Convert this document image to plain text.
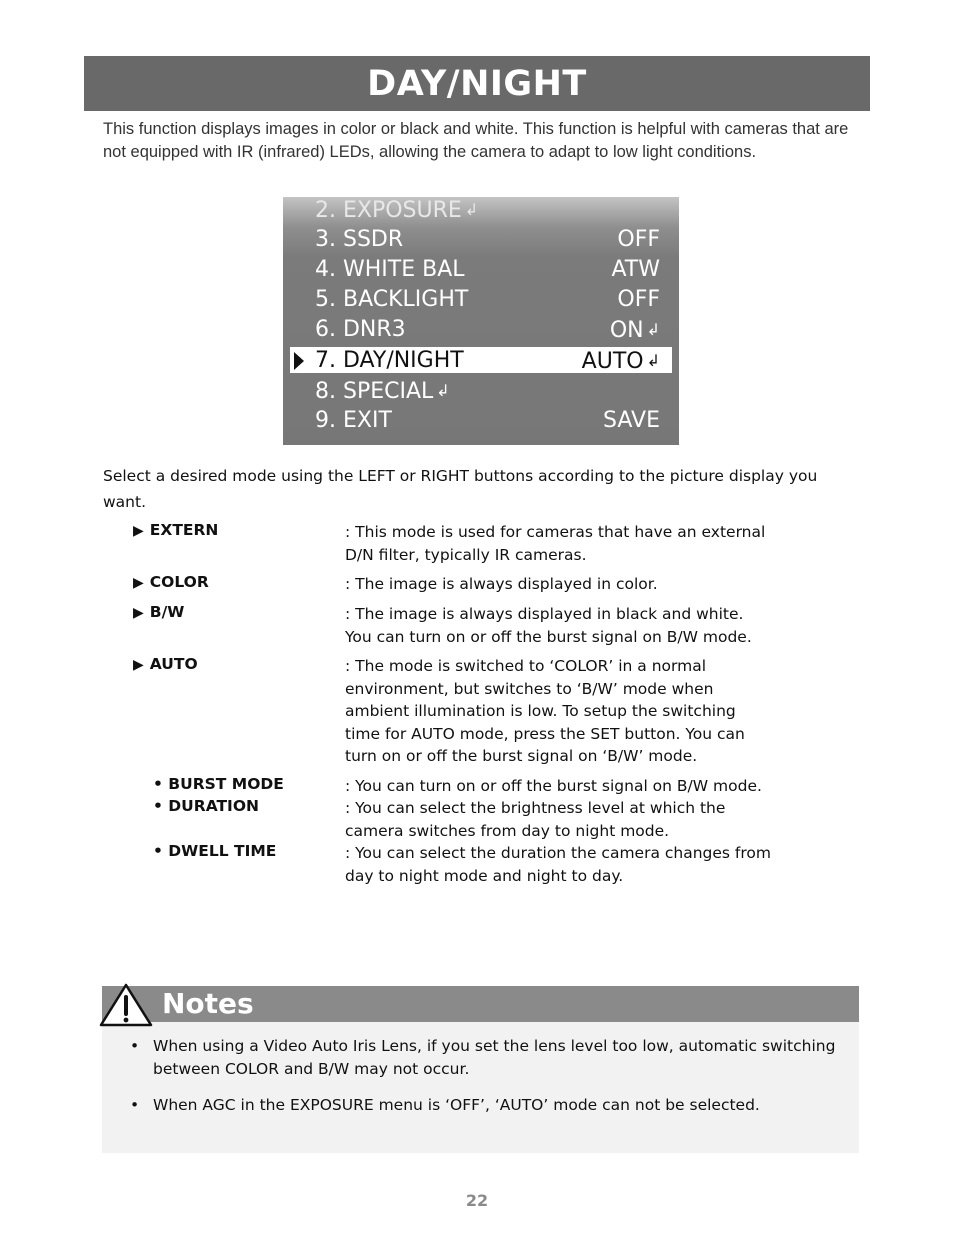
DAY/NIGHT

This function displays images in color or black and white. This function is helpful with cameras that are not equipped with IR (infrared) LEDs, allowing the camera to adapt to low light conditions.

2. EXPOSURE ↲
3. SSDR	OFF
4. WHITE BAL	ATW
5. BACKLIGHT	OFF
6. DNR3	ON ↲
7. DAY/NIGHT	AUTO ↲
8. SPECIAL ↲
9. EXIT	SAVE

Select a desired mode using the LEFT or RIGHT buttons according to the picture display you want.

▶ EXTERN	: This mode is used for cameras that have an external
D/N filter, typically IR cameras.
▶ COLOR	: The image is always displayed in color.
▶ B/W	: The image is always displayed in black and white.
You can turn on or off the burst signal on B/W mode.
▶ AUTO	: The mode is switched to ‘COLOR’ in a normal
environment, but switches to ‘B/W’ mode when
ambient illumination is low. To setup the switching
time for AUTO mode, press the SET button. You can
turn on or off the burst signal on ‘B/W’ mode.
• BURST MODE	: You can turn on or off the burst signal on B/W mode.
• DURATION	: You can select the brightness level at which the
camera switches from day to night mode.
• DWELL TIME	: You can select the duration the camera changes from
day to night mode and night to day.
Notes
• When using a Video Auto Iris Lens, if you set the lens level too low, automatic switching between COLOR and B/W may not occur.
• When AGC in the EXPOSURE menu is ‘OFF’, ‘AUTO’ mode can not be selected.
22
